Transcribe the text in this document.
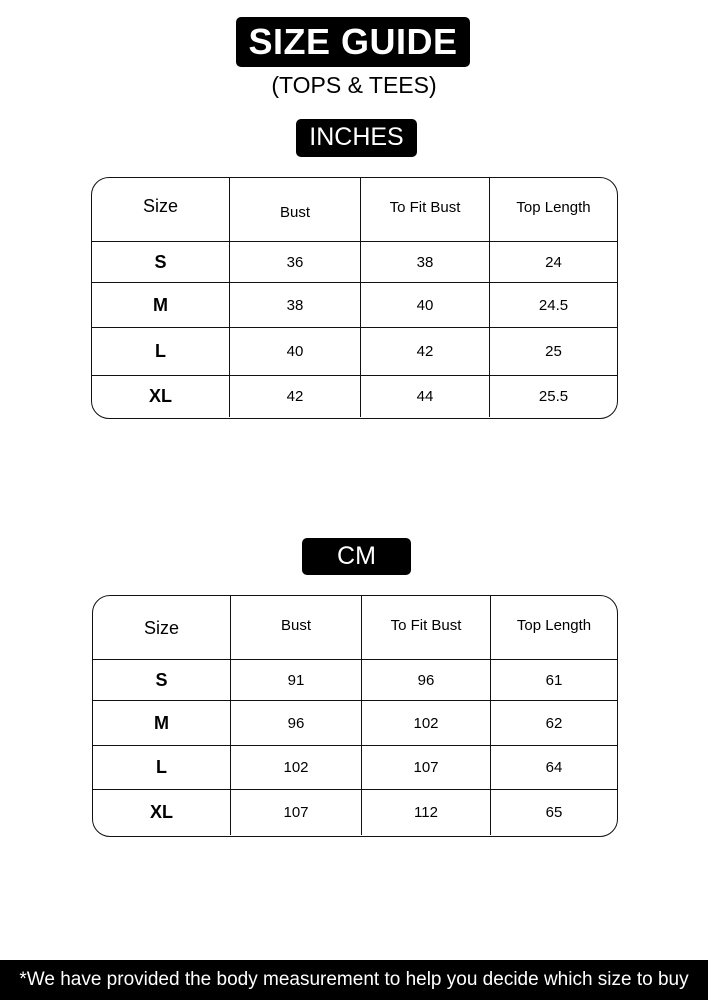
SIZE GUIDE
(TOPS & TEES)
INCHES
Size	Bust	To Fit Bust	Top Length
S	36	38	24
M	38	40	24.5
L	40	42	25
XL	42	44	25.5
CM
Size	Bust	To Fit Bust	Top Length
S	91	96	61
M	96	102	62
L	102	107	64
XL	107	112	65
*We have provided the body measurement to help you decide which size to buy
